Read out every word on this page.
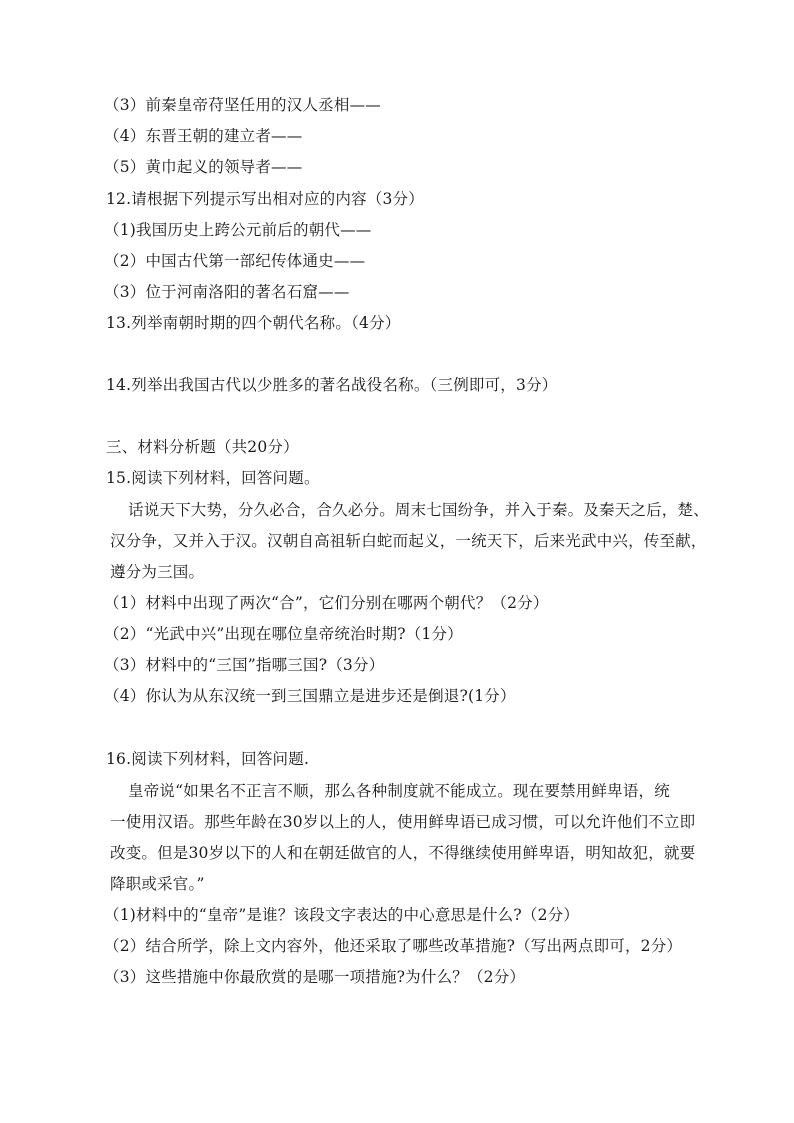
（3）前秦皇帝苻坚任用的汉人丞相——
（4）东晋王朝的建立者——
（5）黄巾起义的领导者——
12.请根据下列提示写出相对应的内容（3分）
（1)我国历史上跨公元前后的朝代——
（2）中国古代第一部纪传体通史——
（3）位于河南洛阳的著名石窟——
13.列举南朝时期的四个朝代名称。（4分）
14.列举出我国古代以少胜多的著名战役名称。（三例即可，3分）
三、材料分析题（共20分）
15.阅读下列材料，回答问题。
话说天下大势，分久必合，合久必分。周末七国纷争，并入于秦。及秦天之后，楚、
汉分争，又并入于汉。汉朝自高祖斩白蛇而起义，一统天下，后来光武中兴，传至献，
遵分为三国。
（1）材料中出现了两次“合”，它们分别在哪两个朝代？（2分）
（2）“光武中兴”出现在哪位皇帝统治时期?（1分）
（3）材料中的“三国”指哪三国?（3分）
（4）你认为从东汉统一到三国鼎立是进步还是倒退?(1分）
16.阅读下列材料，回答问题.
皇帝说“如果名不正言不顺，那么各种制度就不能成立。现在要禁用鲜卑语，统
一使用汉语。那些年龄在30岁以上的人，使用鲜卑语已成习惯，可以允许他们不立即
改变。但是30岁以下的人和在朝廷做官的人，不得继续使用鲜卑语，明知故犯，就要
降职或采官。”
（1)材料中的“皇帝”是谁？该段文字表达的中心意思是什么?（2分）
（2）结合所学，除上文内容外，他还采取了哪些改革措施?（写出两点即可，2分）
（3）这些措施中你最欣赏的是哪一项措施?为什么？（2分）
